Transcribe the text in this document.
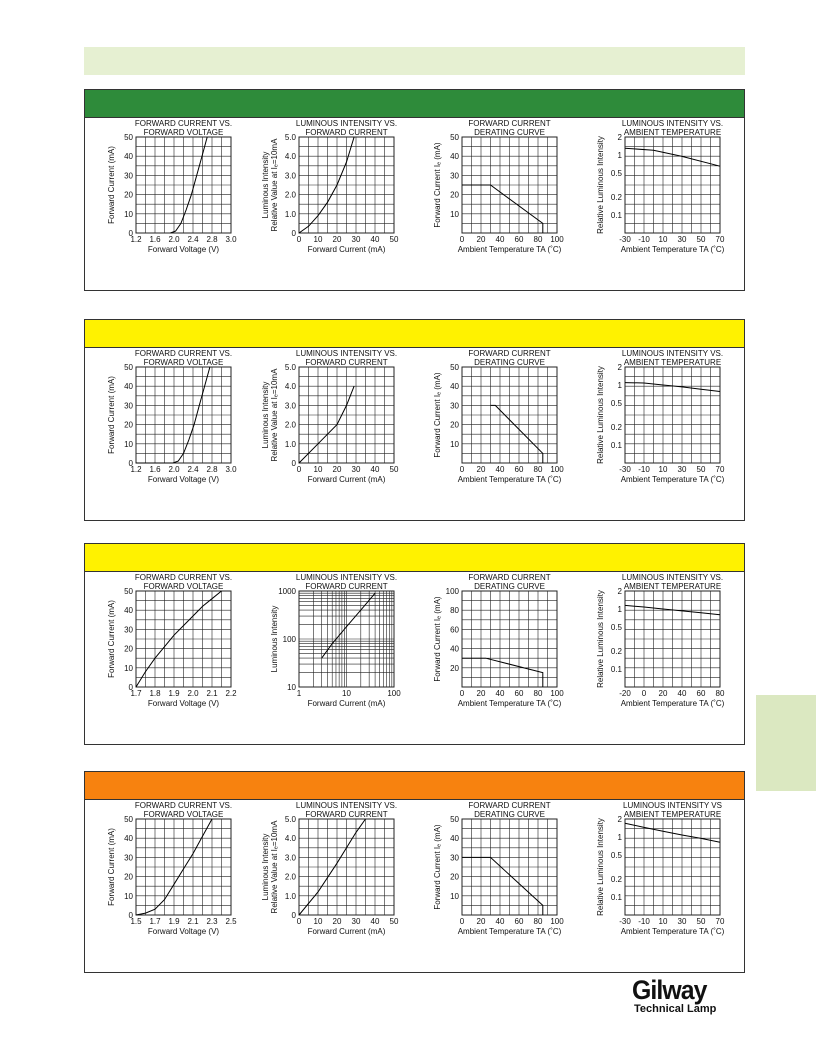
FORWARD CURRENT VS.
FORWARD VOLTAGE
1.2 1.6 2.0 2.4 2.8 3.0
0
10
20
30
40
50
Forward Voltage (V)
Forward Current (mA)
LUMINOUS INTENSITY VS.
FORWARD CURRENT
0 10 20 30 40 50
0
1.0
2.0
3.0
4.0
5.0
Forward Current (mA)
Luminous Intensity Relative Value at Iₑ=10mA
FORWARD CURRENT
DERATING CURVE
0 20 40 60 80 100
10
20
30
40
50
Ambient Temperature TA (˚C)
Forward Current Iₑ (mA)
LUMINOUS INTENSITY VS.
AMBIENT TEMPERATURE
-30 -10 10 30 50 70
0.1
0.2
0.5
1
2
Ambient Temperature TA (˚C)
Relative Luminous Intensity
FORWARD CURRENT VS.
FORWARD VOLTAGE
1.2 1.6 2.0 2.4 2.8 3.0
0
10
20
30
40
50
Forward Voltage (V)
Forward Current (mA)
LUMINOUS INTENSITY VS.
FORWARD CURRENT
0 10 20 30 40 50
0
1.0
2.0
3.0
4.0
5.0
Forward Current (mA)
Luminous Intensity Relative Value at Iₑ=10mA
FORWARD CURRENT
DERATING CURVE
0 20 40 60 80 100
10
20
30
40
50
Ambient Temperature TA (˚C)
Forward Current Iₑ (mA)
LUMINOUS INTENSITY VS.
AMBIENT TEMPERATURE
-30 -10 10 30 50 70
0.1
0.2
0.5
1
2
Ambient Temperature TA (˚C)
Relative Luminous Intensity
FORWARD CURRENT VS.
FORWARD VOLTAGE
1.7 1.8 1.9 2.0 2.1 2.2
0
10
20
30
40
50
Forward Voltage (V)
Forward Current (mA)
LUMINOUS INTENSITY VS.
FORWARD CURRENT
1	10	100
10
100
1000
Forward Current (mA)
Luminous Intensity
FORWARD CURRENT
DERATING CURVE
0 20 40 60 80 100
20
40
60
80
100
Ambient Temperature TA (˚C)
Forward Current Iₑ (mA)
LUMINOUS INTENSITY VS.
AMBIENT TEMPERATURE
-20 0 20 40 60 80
0.1
0.2
0.5
1
2
Ambient Temperature TA (˚C)
Relative Luminous Intensity
FORWARD CURRENT VS.
FORWARD VOLTAGE
1.5 1.7 1.9 2.1 2.3 2.5
0
10
20
30
40
50
Forward Voltage (V)
Forward Current (mA)
LUMINOUS INTENSITY VS.
FORWARD CURRENT
0 10 20 30 40 50
0
1.0
2.0
3.0
4.0
5.0
Forward Current (mA)
Luminous Intensity Relative Value at Iₑ=10mA
FORWARD CURRENT
DERATING CURVE
0 20 40 60 80 100
10
20
30
40
50
Ambient Temperature TA (˚C)
Forward Current Iₑ (mA)
LUMINOUS INTENSITY VS
AMBIENT TEMPERATURE
-30 -10 10 30 50 70
0.1
0.2
0.5
1
2
Ambient Temperature TA (˚C)
Relative Luminous Intensity
Gilway
Technical Lamp
